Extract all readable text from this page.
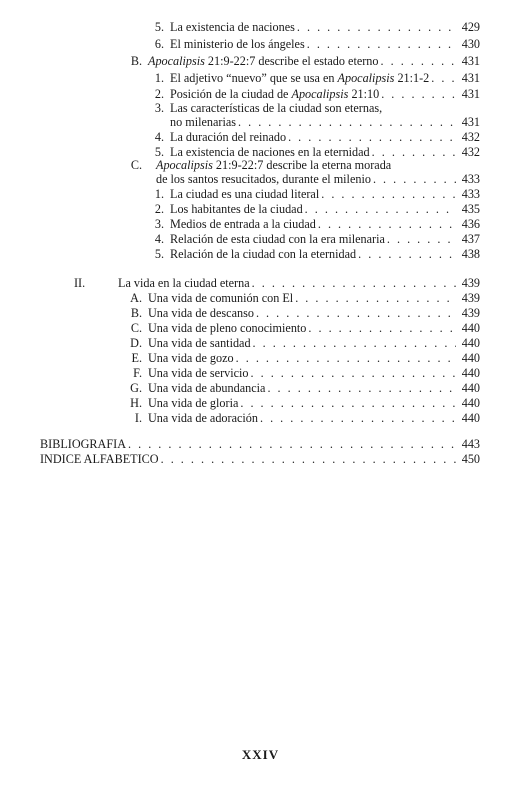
5. La existencia de naciones . . .	429
6. El ministerio de los ángeles . . .	430
B. Apocalipsis 21:9-22:7 describe el estado eterno . . .	431
1. El adjetivo “nuevo” que se usa en Apocalipsis 21:1-2 . . .	431
2. Posición de la ciudad de Apocalipsis 21:10 . . .	431
3. Las características de la ciudad son eternas,
no milenarias . . .	431
4. La duración del reinado . . .	432
5. La existencia de naciones en la eternidad . . .	432
C.	Apocalipsis 21:9-22:7 describe la eterna morada
de los santos resucitados, durante el milenio . . .	433
1. La ciudad es una ciudad literal . . .	433
2. Los habitantes de la ciudad . . .	435
3. Medios de entrada a la ciudad . . .	436
4. Relación de esta ciudad con la era milenaria . . .	437
5. Relación de la ciudad con la eternidad . . .	438
II.	La vida en la ciudad eterna . . .	439
A. Una vida de comunión con El . . .	439
B. Una vida de descanso . . .	439
C. Una vida de pleno conocimiento . . .	440
D. Una vida de santidad . . .	440
E. Una vida de gozo . . .	440
F. Una vida de servicio . . .	440
G. Una vida de abundancia . . .	440
H. Una vida de gloria . . .	440
I. Una vida de adoración . . .	440
BIBLIOGRAFIA . . .	443
INDICE ALFABETICO . . .	450
XXIV
